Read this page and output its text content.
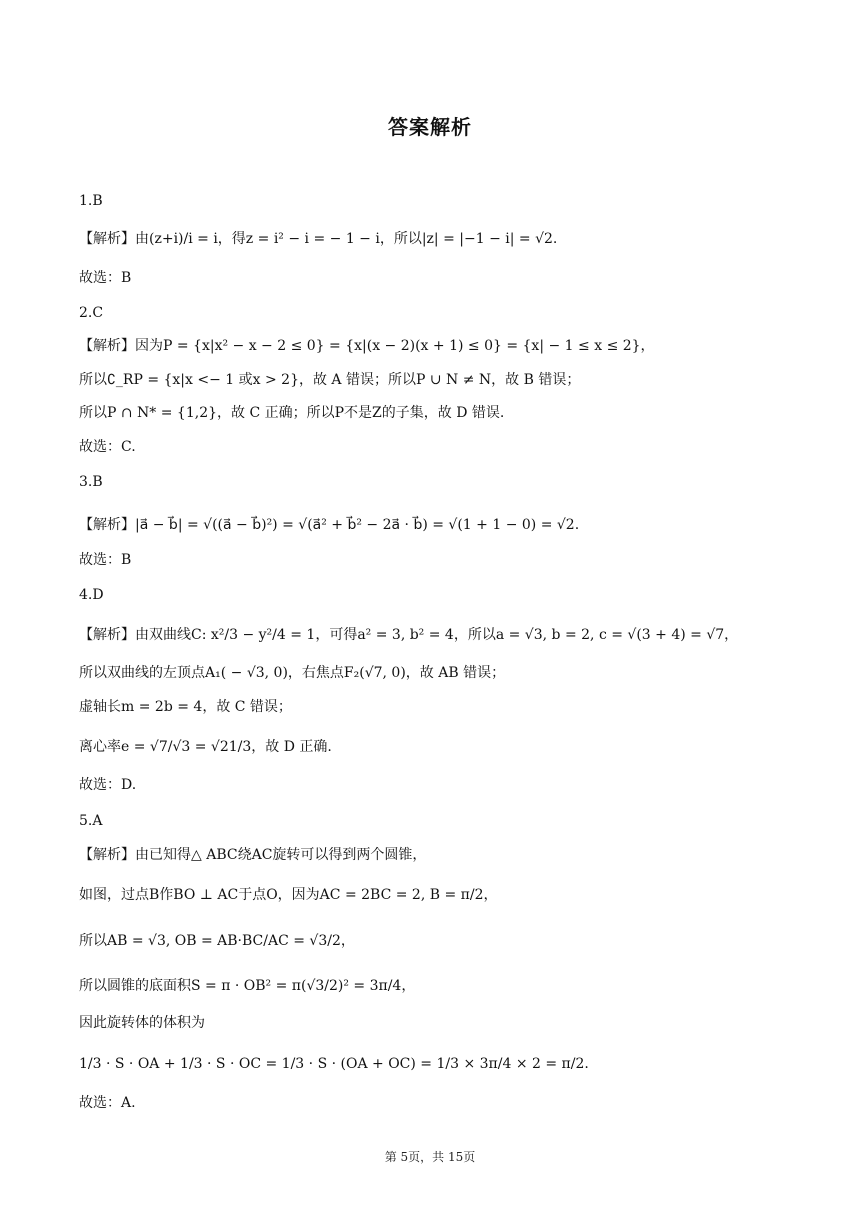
答案解析
1.B
【解析】由(z+i)/i = i，得z = i² − i = − 1 − i，所以|z| = |−1 − i| = √2.
故选：B
2.C
【解析】因为P = {x|x² − x − 2 ≤ 0} = {x|(x − 2)(x + 1) ≤ 0} = {x| − 1 ≤ x ≤ 2}，
所以∁_RP = {x|x <− 1 或x > 2}，故 A 错误；所以P ∪ N ≠ N，故 B 错误；
所以P ∩ N* = {1,2}，故 C 正确；所以P不是Z的子集，故 D 错误.
故选：C.
3.B
【解析】|a⃗ − b⃗| = √((a⃗ − b⃗)²) = √(a⃗² + b⃗² − 2a⃗ · b⃗) = √(1 + 1 − 0) = √2.
故选：B
4.D
【解析】由双曲线C: x²/3 − y²/4 = 1，可得a² = 3, b² = 4，所以a = √3, b = 2, c = √(3 + 4) = √7，
所以双曲线的左顶点A₁( − √3, 0)，右焦点F₂(√7, 0)，故 AB 错误；
虚轴长m = 2b = 4，故 C 错误；
离心率e = √7/√3 = √21/3，故 D 正确.
故选：D.
5.A
【解析】由已知得△ ABC绕AC旋转可以得到两个圆锥，
如图，过点B作BO ⊥ AC于点O，因为AC = 2BC = 2, B = π/2，
所以AB = √3, OB = AB·BC/AC = √3/2，
所以圆锥的底面积S = π · OB² = π(√3/2)² = 3π/4，
因此旋转体的体积为
1/3 · S · OA + 1/3 · S · OC = 1/3 · S · (OA + OC) = 1/3 × 3π/4 × 2 = π/2.
故选：A.
第 5页，共 15页
